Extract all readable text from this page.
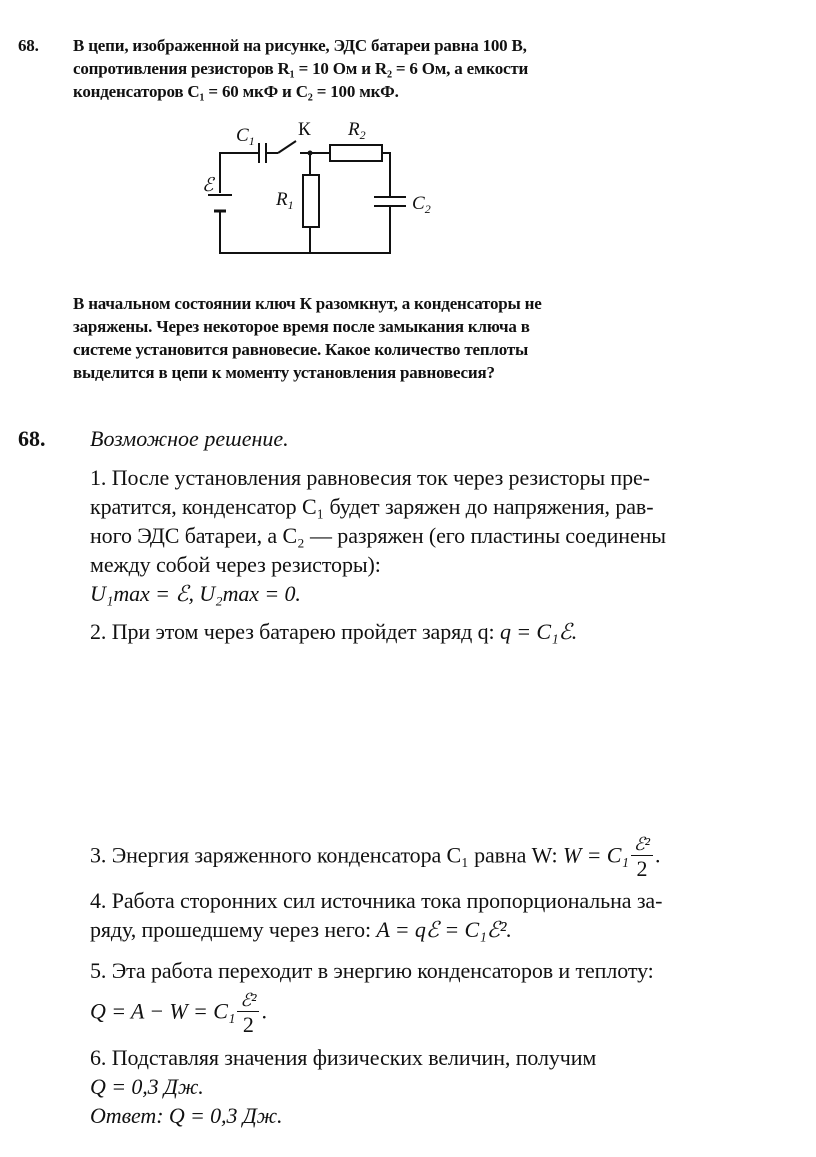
68. В цепи, изображенной на рисунке, ЭДС батареи равна 100 В,
сопротивления резисторов R₁ = 10 Ом и R₂ = 6 Ом, а емкости
конденсаторов C₁ = 60 мкФ и C₂ = 100 мкФ.
$C_1$
К $R_2$
$R_1$	$C_2$
ℰ
В начальном состоянии ключ К разомкнут, а конденсаторы не
заряжены. Через некоторое время после замыкания ключа в
системе установится равновесие. Какое количество теплоты
выделится в цепи к моменту установления равновесия?
68. Возможное решение.
1. После установления равновесия ток через резисторы пре-
кратится, конденсатор C₁ будет заряжен до напряжения, рав-
ного ЭДС батареи, а C₂ — разряжен (его пластины соединены
между собой через резисторы):
U₁max = ℰ, U₂max = 0.
2. При этом через батарею пройдет заряд q: q = C₁ℰ.
3. Энергия заряженного конденсатора C₁ равна W: $W = C_1 \frac{\text{ℰ²}}{2}$ .
4. Работа сторонних сил источника тока пропорциональна за-
ряду, прошедшему через него: A = qℰ = C₁ℰ².
5. Эта работа переходит в энергию конденсаторов и теплоту:
$Q = A - W = C_1 \frac{\text{ℰ²}}{2}$ .
6. Подставляя значения физических величин, получим
Q = 0,3 Дж.
Ответ: Q = 0,3 Дж.
